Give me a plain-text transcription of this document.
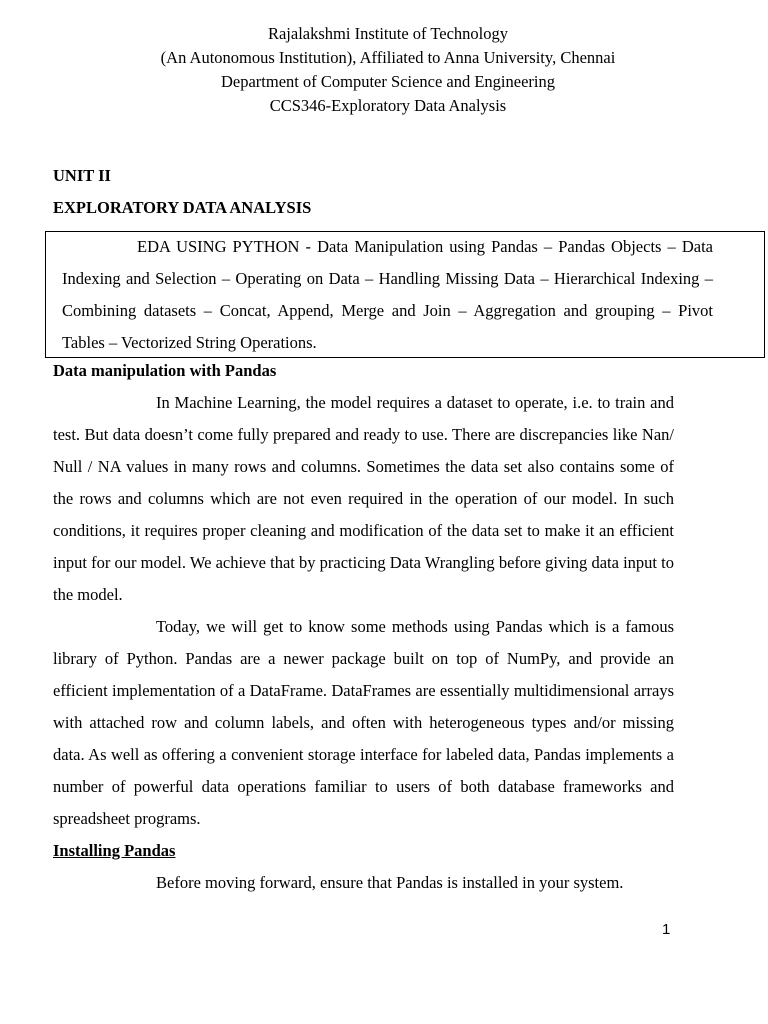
Rajalakshmi Institute of Technology
(An Autonomous Institution), Affiliated to Anna University, Chennai
Department of Computer Science and Engineering
CCS346-Exploratory Data Analysis
UNIT II
EXPLORATORY DATA ANALYSIS

EDA USING PYTHON - Data Manipulation using Pandas – Pandas Objects – Data Indexing and Selection – Operating on Data – Handling Missing Data – Hierarchical Indexing – Combining datasets – Concat, Append, Merge and Join – Aggregation and grouping – Pivot Tables – Vectorized String Operations.

Data manipulation with Pandas

In Machine Learning, the model requires a dataset to operate, i.e. to train and test. But data doesn’t come fully prepared and ready to use. There are discrepancies like Nan/ Null / NA values in many rows and columns. Sometimes the data set also contains some of the rows and columns which are not even required in the operation of our model. In such conditions, it requires proper cleaning and modification of the data set to make it an efficient input for our model. We achieve that by practicing Data Wrangling before giving data input to the model.

Today, we will get to know some methods using Pandas which is a famous library of Python. Pandas are a newer package built on top of NumPy, and provide an efficient implementation of a DataFrame. DataFrames are essentially multidimensional arrays with attached row and column labels, and often with heterogeneous types and/or missing data. As well as offering a convenient storage interface for labeled data, Pandas implements a number of powerful data operations familiar to users of both database frameworks and spreadsheet programs.

Installing Pandas

Before moving forward, ensure that Pandas is installed in your system.

1
